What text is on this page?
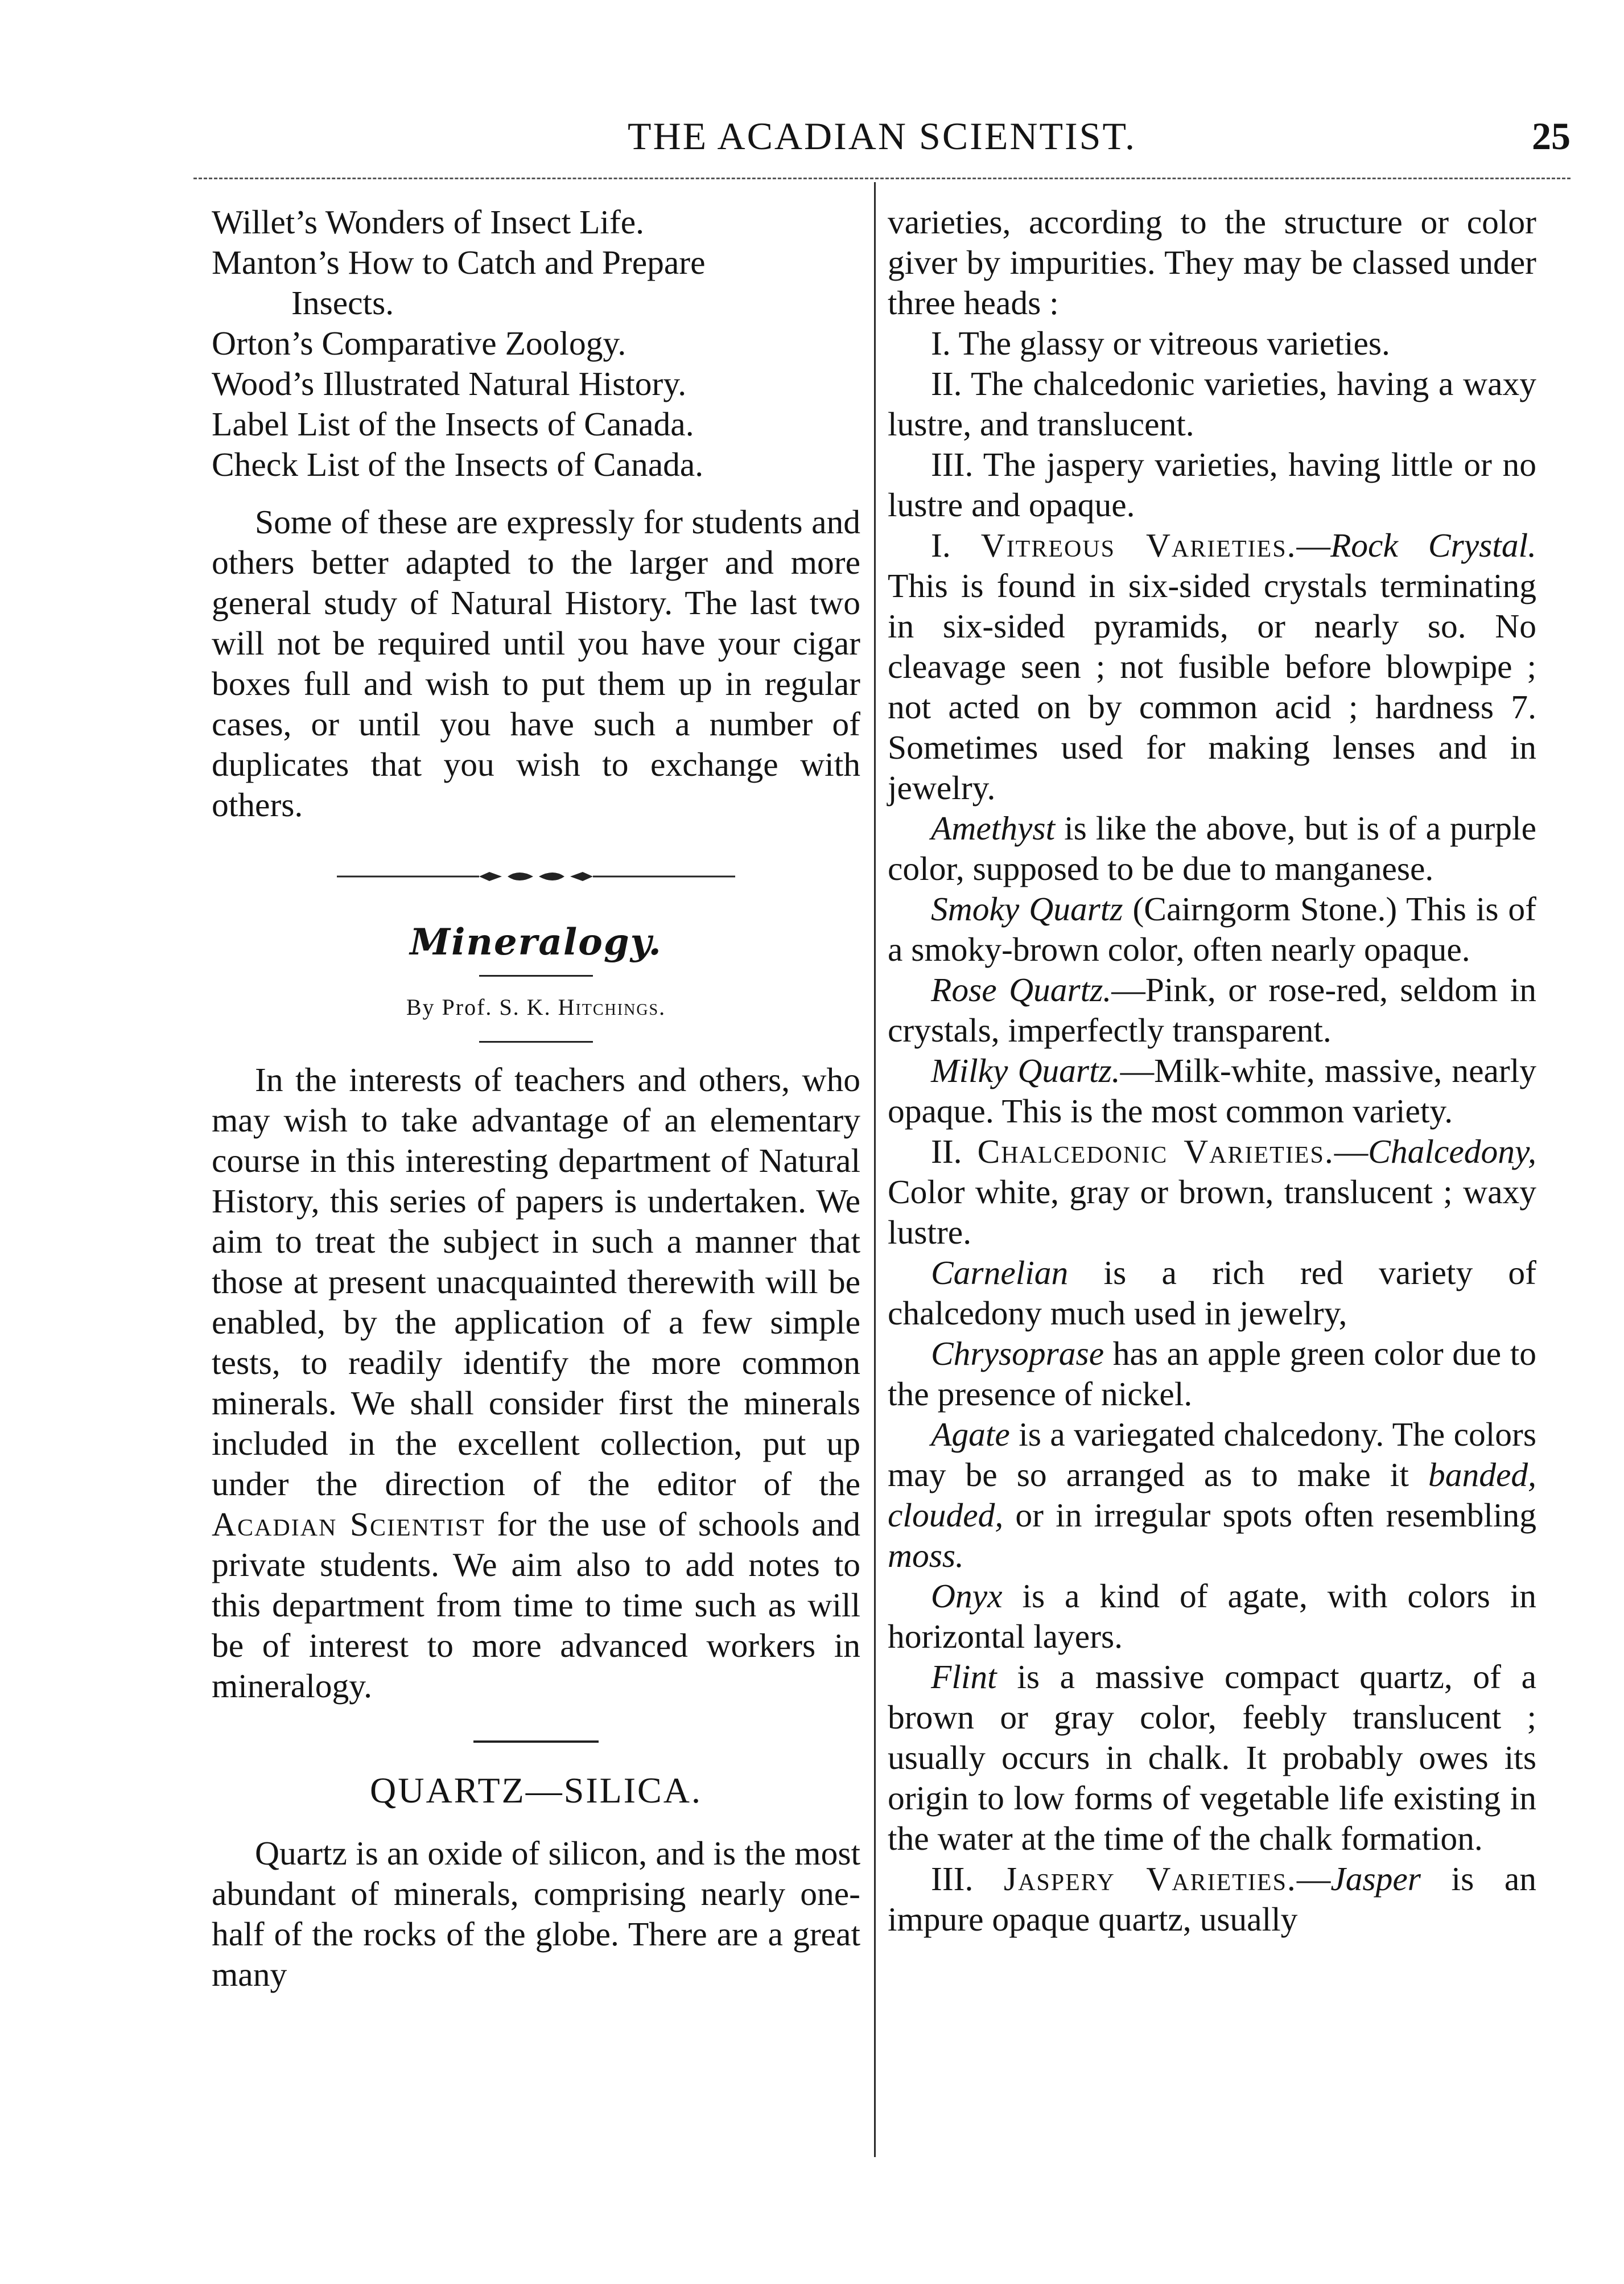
THE ACADIAN SCIENTIST.	25
Willet’s Wonders of Insect Life.
Manton’s How to Catch and Prepare
Insects.
Orton’s Comparative Zoology.
Wood’s Illustrated Natural History.
Label List of the Insects of Canada.
Check List of the Insects of Canada.

Some of these are expressly for students and others better adapted to the larger and more general study of Natural History. The last two will not be required until you have your cigar boxes full and wish to put them up in regular cases, or until you have such a number of duplicates that you wish to exchange with others.

Mineralogy.
By Prof. S. K. Hitchings.

In the interests of teachers and others, who may wish to take advantage of an elementary course in this interesting department of Natural History, this series of papers is undertaken. We aim to treat the subject in such a manner that those at present unacquainted therewith will be enabled, by the application of a few simple tests, to readily identify the more common minerals. We shall consider first the minerals included in the excellent collection, put up under the direction of the editor of the Acadian Scientist for the use of schools and private students. We aim also to add notes to this department from time to time such as will be of interest to more advanced workers in mineralogy.

QUARTZ—SILICA.

Quartz is an oxide of silicon, and is the most abundant of minerals, comprising nearly one-half of the rocks of the globe. There are a great many

varieties, according to the structure or color giver by impurities. They may be classed under three heads :

I. The glassy or vitreous varieties.

II. The chalcedonic varieties, having a waxy lustre, and translucent.

III. The jaspery varieties, having little or no lustre and opaque.

I. Vitreous Varieties.—Rock Crystal. This is found in six-sided crystals terminating in six-sided pyramids, or nearly so. No cleavage seen ; not fusible before blowpipe ; not acted on by common acid ; hardness 7. Sometimes used for making lenses and in jewelry.

Amethyst is like the above, but is of a purple color, supposed to be due to manganese.

Smoky Quartz (Cairngorm Stone.) This is of a smoky-brown color, often nearly opaque.

Rose Quartz.—Pink, or rose-red, seldom in crystals, imperfectly transparent.

Milky Quartz.—Milk-white, massive, nearly opaque. This is the most common variety.

II. Chalcedonic Varieties.—Chalcedony, Color white, gray or brown, translucent ; waxy lustre.

Carnelian is a rich red variety of chalcedony much used in jewelry,

Chrysoprase has an apple green color due to the presence of nickel.

Agate is a variegated chalcedony. The colors may be so arranged as to make it banded, clouded, or in irregular spots often resembling moss.

Onyx is a kind of agate, with colors in horizontal layers.

Flint is a massive compact quartz, of a brown or gray color, feebly translucent ; usually occurs in chalk. It probably owes its origin to low forms of vegetable life existing in the water at the time of the chalk formation.

III. Jaspery Varieties.—Jasper is an impure opaque quartz, usually
